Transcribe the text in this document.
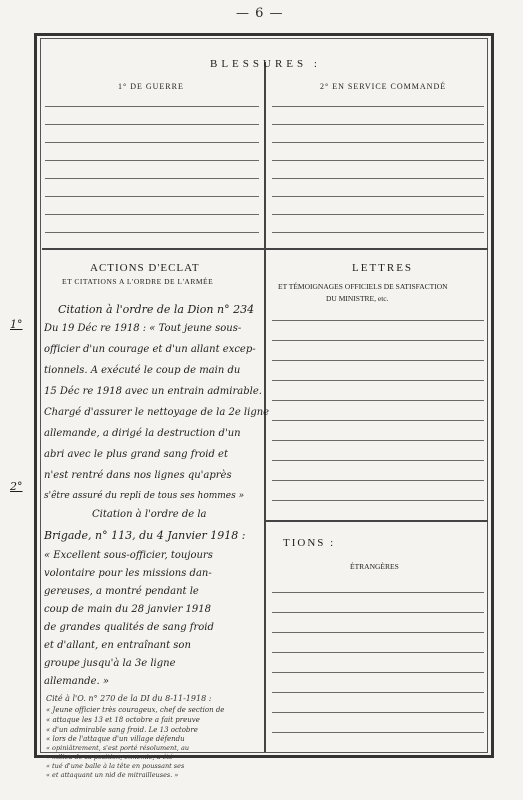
— 6 —
BLESSURES :
1° DE GUERRE	2° EN SERVICE COMMANDÉ
ACTIONS D'ECLAT
ET CITATIONS A L'ORDRE DE L'ARMÉE
LETTRES
ET TÉMOIGNAGES OFFICIELS DE SATISFACTION
DU MINISTRE, etc.
TIONS :
ÉTRANGÈRES
1°
2°
Citation à l'ordre de la Dion n° 234
Du 19 Déc re 1918 : « Tout jeune sous-
officier d'un courage et d'un allant excep-
tionnels. A exécuté le coup de main du
15 Déc re 1918 avec un entrain admirable.
Chargé d'assurer le nettoyage de la 2e ligne
allemande, a dirigé la destruction d'un
abri avec le plus grand sang froid et
n'est rentré dans nos lignes qu'après
s'être assuré du repli de tous ses hommes »
Citation à l'ordre de la
Brigade, n° 113, du 4 Janvier 1918 :
« Excellent sous-officier, toujours
volontaire pour les missions dan-
gereuses, a montré pendant le
coup de main du 28 janvier 1918
de grandes qualités de sang froid
et d'allant, en entraînant son
groupe jusqu'à la 3e ligne
allemande. »
Cité à l'O. n° 270 de la DI du 8-11-1918 :
« Jeune officier très courageux, chef de section de
« attaque les 13 et 18 octobre a fait preuve
« d'un admirable sang froid. Le 13 octobre
« lors de l'attaque d'un village défendu
« opiniâtrement, s'est porté résolument, au
« milieu de sa position, ennemie, a été
« tué d'une balle à la tête en poussant ses
« et attaquant un nid de mitrailleuses. »
